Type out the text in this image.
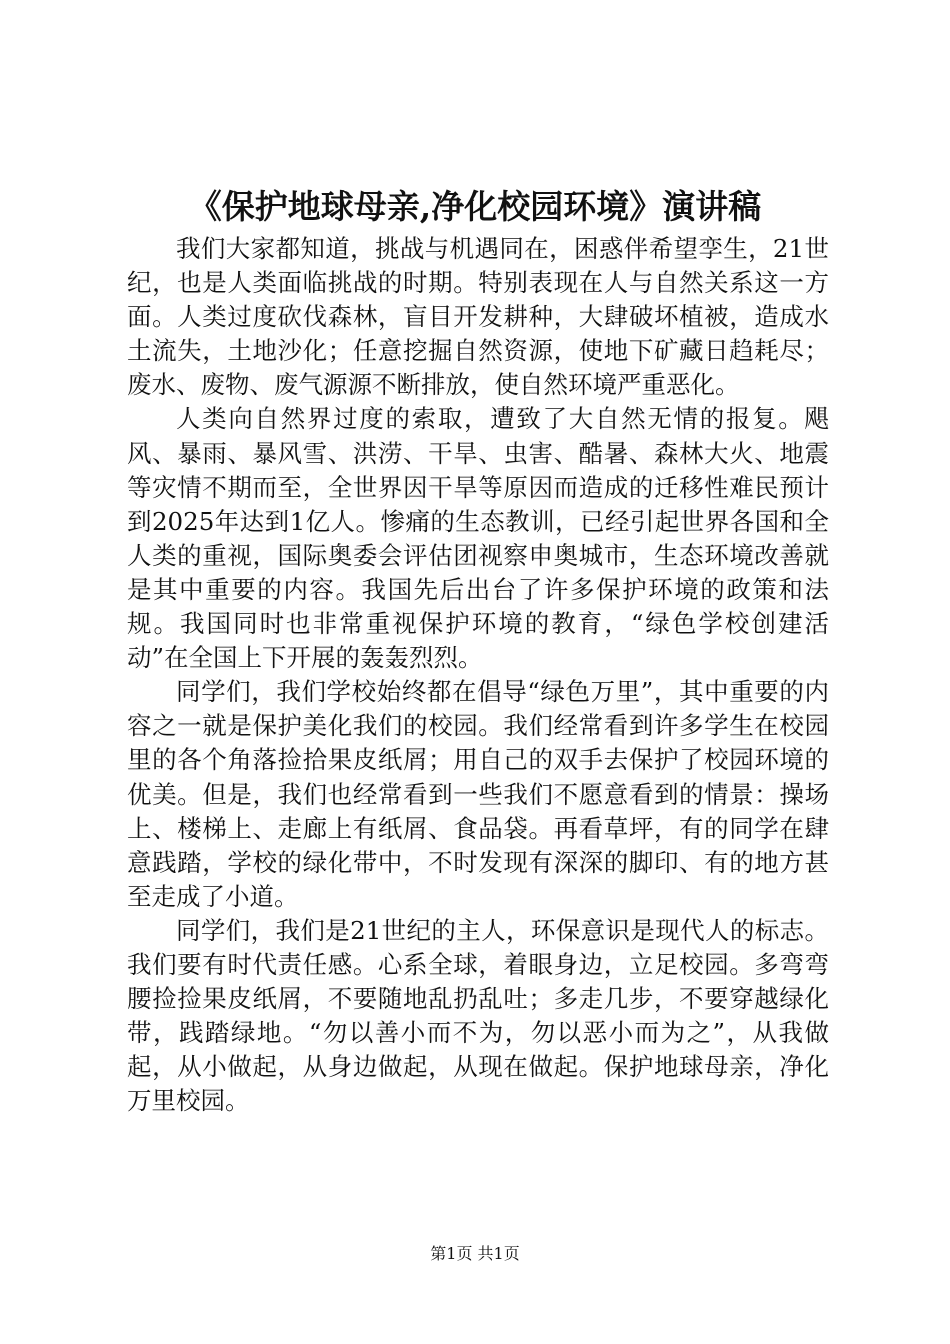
《保护地球母亲,净化校园环境》演讲稿

我们大家都知道，挑战与机遇同在，困惑伴希望孪生，21世纪，也是人类面临挑战的时期。特别表现在人与自然关系这一方面。人类过度砍伐森林，盲目开发耕种，大肆破坏植被，造成水土流失，土地沙化；任意挖掘自然资源，使地下矿藏日趋耗尽；废水、废物、废气源源不断排放，使自然环境严重恶化。

人类向自然界过度的索取，遭致了大自然无情的报复。飓风、暴雨、暴风雪、洪涝、干旱、虫害、酷暑、森林大火、地震等灾情不期而至，全世界因干旱等原因而造成的迁移性难民预计到2025年达到1亿人。惨痛的生态教训，已经引起世界各国和全人类的重视，国际奥委会评估团视察申奥城市，生态环境改善就是其中重要的内容。我国先后出台了许多保护环境的政策和法规。我国同时也非常重视保护环境的教育，“绿色学校创建活动”在全国上下开展的轰轰烈烈。

同学们，我们学校始终都在倡导“绿色万里”，其中重要的内容之一就是保护美化我们的校园。我们经常看到许多学生在校园里的各个角落捡拾果皮纸屑；用自己的双手去保护了校园环境的优美。但是，我们也经常看到一些我们不愿意看到的情景：操场上、楼梯上、走廊上有纸屑、食品袋。再看草坪，有的同学在肆意践踏，学校的绿化带中，不时发现有深深的脚印、有的地方甚至走成了小道。

同学们，我们是21世纪的主人，环保意识是现代人的标志。我们要有时代责任感。心系全球，着眼身边，立足校园。多弯弯腰捡捡果皮纸屑，不要随地乱扔乱吐；多走几步，不要穿越绿化带，践踏绿地。“勿以善小而不为，勿以恶小而为之”，从我做起，从小做起，从身边做起，从现在做起。保护地球母亲，净化万里校园。

第1页 共1页
